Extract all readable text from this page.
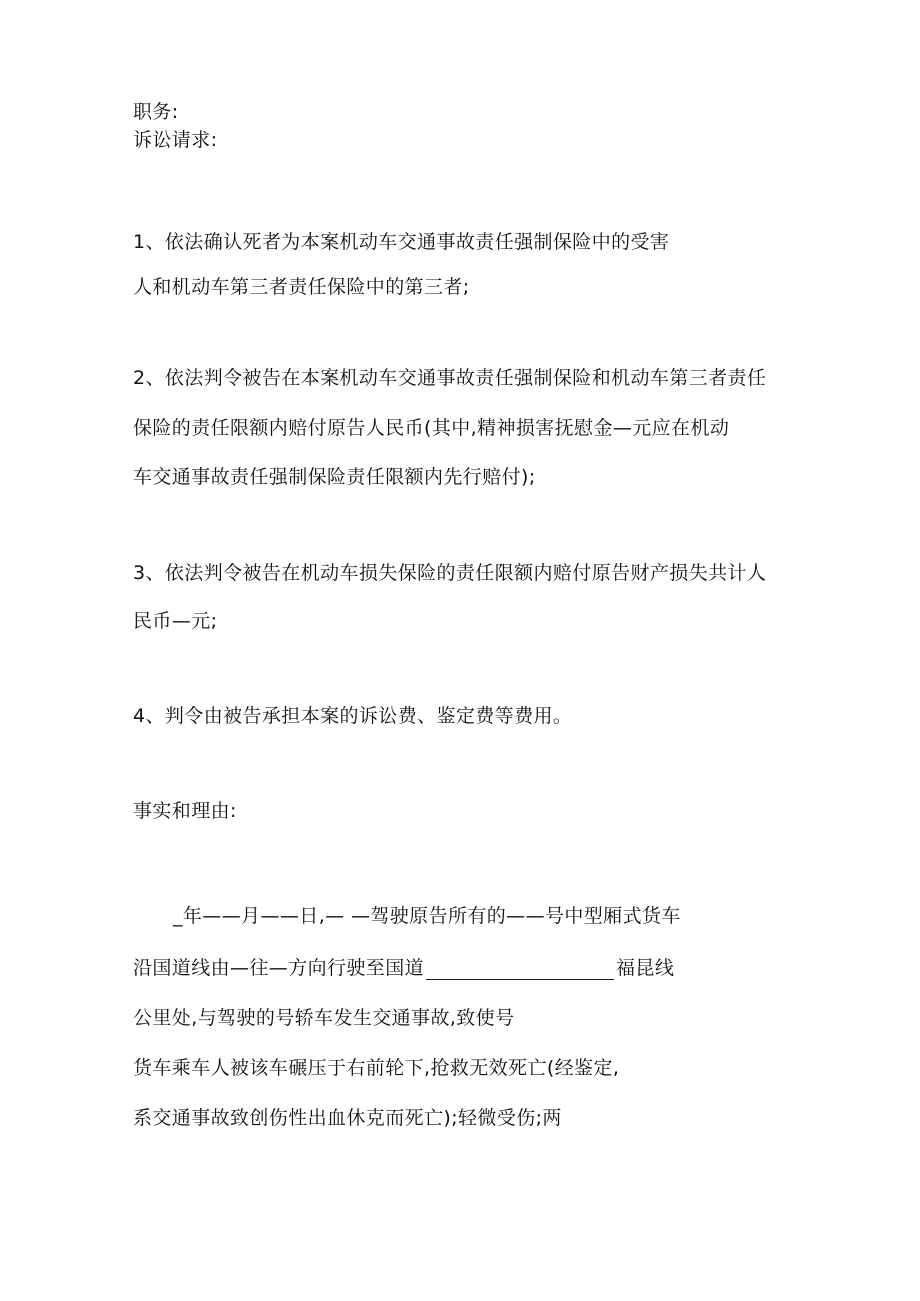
职务:
诉讼请求:
1、依法确认死者为本案机动车交通事故责任强制保险中的受害
人和机动车第三者责任保险中的第三者;
2、依法判令被告在本案机动车交通事故责任强制保险和机动车第三者责任
保险的责任限额内赔付原告人民币(其中,精神损害抚慰金—元应在机动
车交通事故责任强制保险责任限额内先行赔付);
3、依法判令被告在机动车损失保险的责任限额内赔付原告财产损失共计人
民币—元;
4、判令由被告承担本案的诉讼费、鉴定费等费用。
事实和理由:
_年——月——日,— —驾驶原告所有的——号中型厢式货车
沿国道线由—往—方向行驶至国道	福昆线
公里处,与驾驶的号轿车发生交通事故,致使号
货车乘车人被该车碾压于右前轮下,抢救无效死亡(经鉴定,
系交通事故致创伤性出血休克而死亡);轻微受伤;两
